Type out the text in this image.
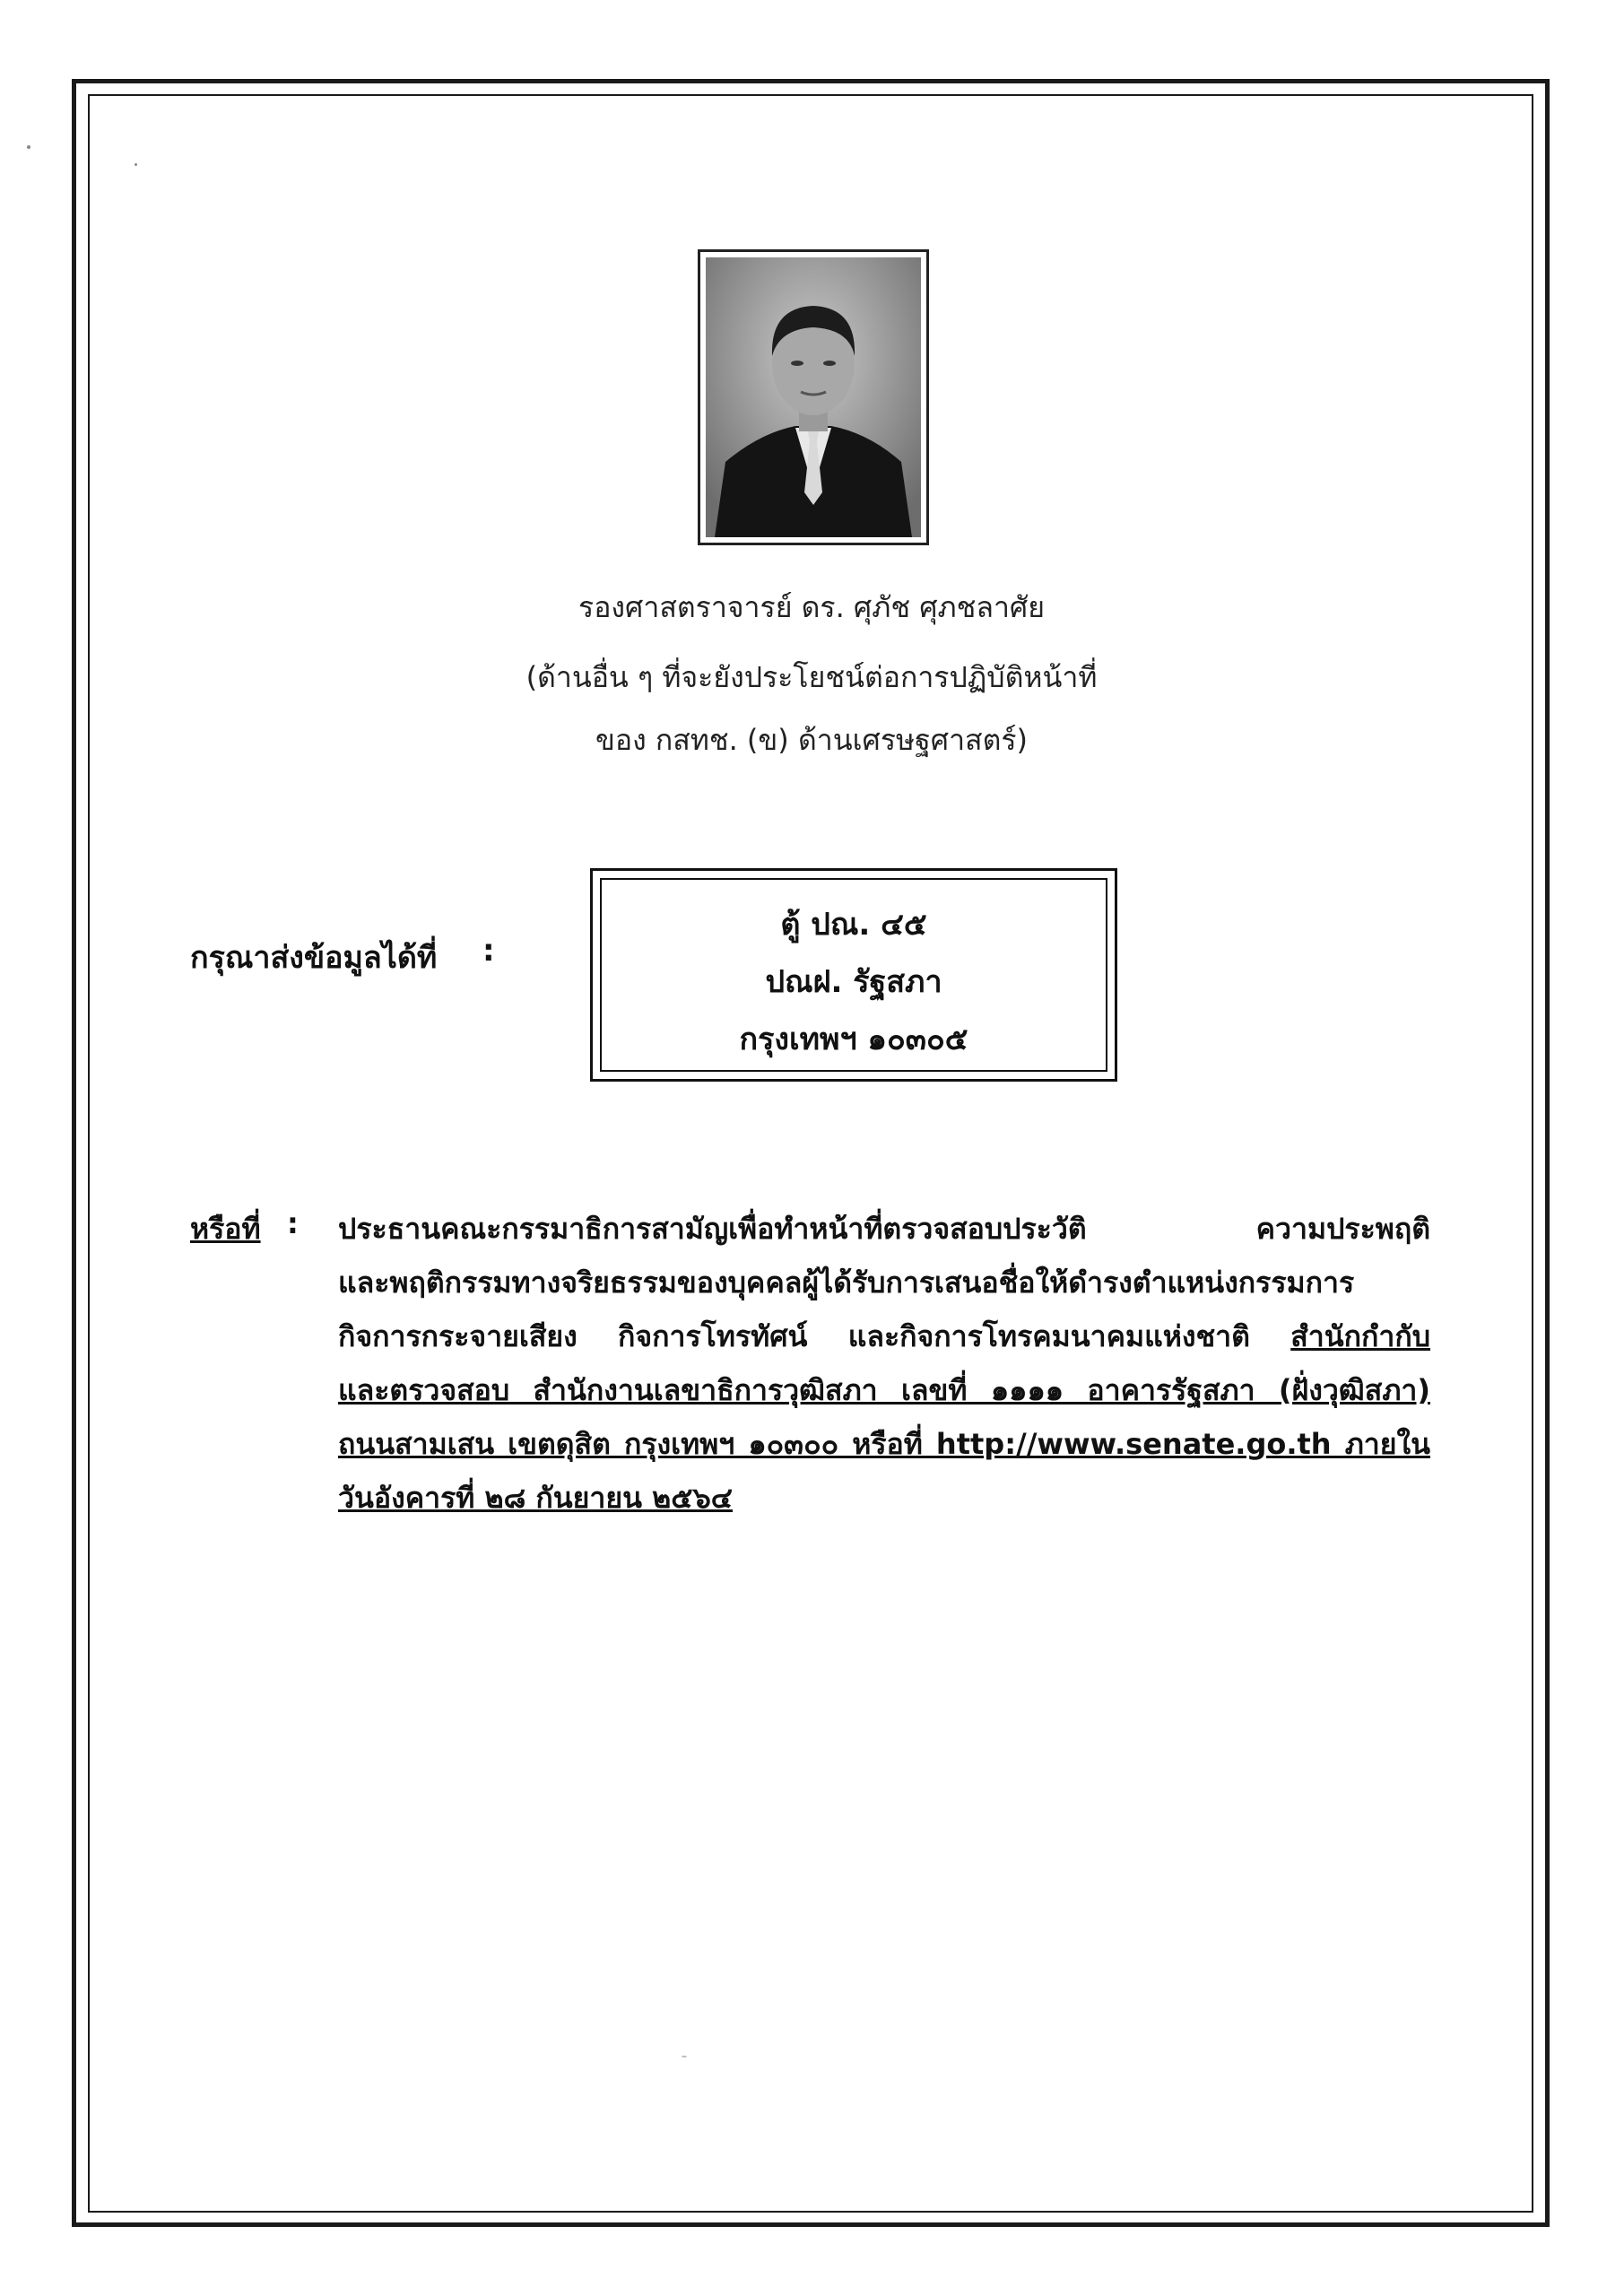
รองศาสตราจารย์ ดร. ศุภัช ศุภชลาศัย
(ด้านอื่น ๆ ที่จะยังประโยชน์ต่อการปฏิบัติหน้าที่
ของ กสทช. (ข) ด้านเศรษฐศาสตร์)
กรุณาส่งข้อมูลได้ที่ :
ตู้ ปณ. ๔๕
ปณฝ. รัฐสภา
กรุงเทพฯ ๑๐๓๐๕
หรือที่ : ประธานคณะกรรมาธิการสามัญเพื่อทำหน้าที่ตรวจสอบประวัติ ความประพฤติ
และพฤติกรรมทางจริยธรรมของบุคคลผู้ได้รับการเสนอชื่อให้ดำรงตำแหน่งกรรมการ
กิจการกระจายเสียง กิจการโทรทัศน์ และกิจการโทรคมนาคมแห่งชาติ สำนักกำกับ
และตรวจสอบ สำนักงานเลขาธิการวุฒิสภา เลขที่ ๑๑๑๑ อาคารรัฐสภา (ฝั่งวุฒิสภา)
ถนนสามเสน เขตดุสิต กรุงเทพฯ ๑๐๓๐๐ หรือที่ http://www.senate.go.th ภายใน
วันอังคารที่ ๒๘ กันยายน ๒๕๖๔
